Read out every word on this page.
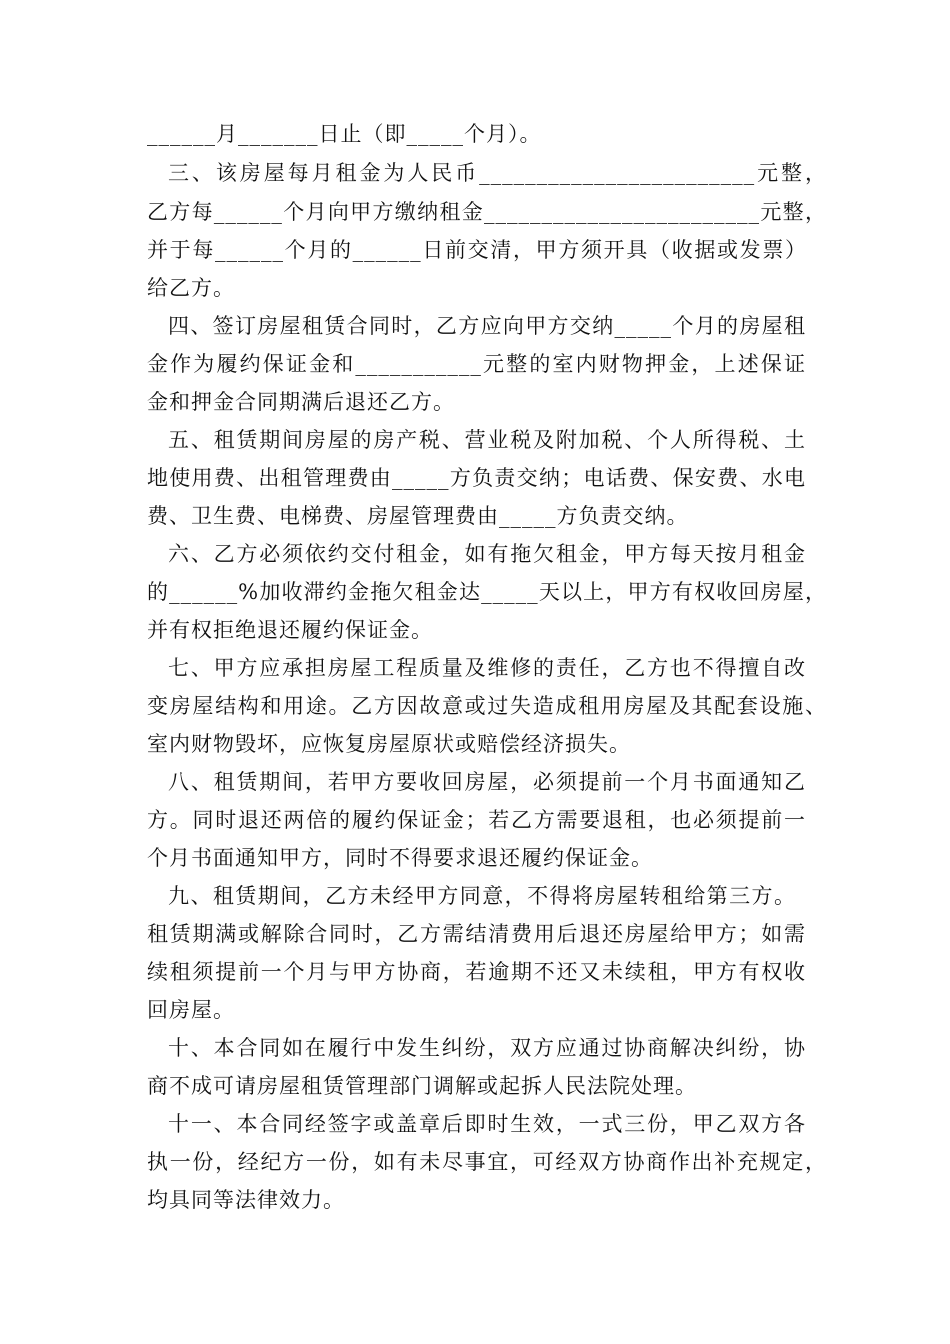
______月_______日止（即_____个月）。
三、该房屋每月租金为人民币________________________元整，
乙方每______个月向甲方缴纳租金________________________元整，
并于每______个月的______日前交清，甲方须开具（收据或发票）
给乙方。
四、签订房屋租赁合同时，乙方应向甲方交纳_____个月的房屋租
金作为履约保证金和___________元整的室内财物押金，上述保证
金和押金合同期满后退还乙方。
五、租赁期间房屋的房产税、营业税及附加税、个人所得税、土
地使用费、出租管理费由_____方负责交纳；电话费、保安费、水电
费、卫生费、电梯费、房屋管理费由_____方负责交纳。
六、乙方必须依约交付租金，如有拖欠租金，甲方每天按月租金
的______%加收滞约金拖欠租金达_____天以上，甲方有权收回房屋，
并有权拒绝退还履约保证金。
七、甲方应承担房屋工程质量及维修的责任，乙方也不得擅自改
变房屋结构和用途。乙方因故意或过失造成租用房屋及其配套设施、
室内财物毁坏，应恢复房屋原状或赔偿经济损失。
八、租赁期间，若甲方要收回房屋，必须提前一个月书面通知乙
方。同时退还两倍的履约保证金；若乙方需要退租，也必须提前一
个月书面通知甲方，同时不得要求退还履约保证金。
九、租赁期间，乙方未经甲方同意，不得将房屋转租给第三方。
租赁期满或解除合同时，乙方需结清费用后退还房屋给甲方；如需
续租须提前一个月与甲方协商，若逾期不还又未续租，甲方有权收
回房屋。
十、本合同如在履行中发生纠纷，双方应通过协商解决纠纷，协
商不成可请房屋租赁管理部门调解或起拆人民法院处理。
十一、本合同经签字或盖章后即时生效，一式三份，甲乙双方各
执一份，经纪方一份，如有未尽事宜，可经双方协商作出补充规定，
均具同等法律效力。
